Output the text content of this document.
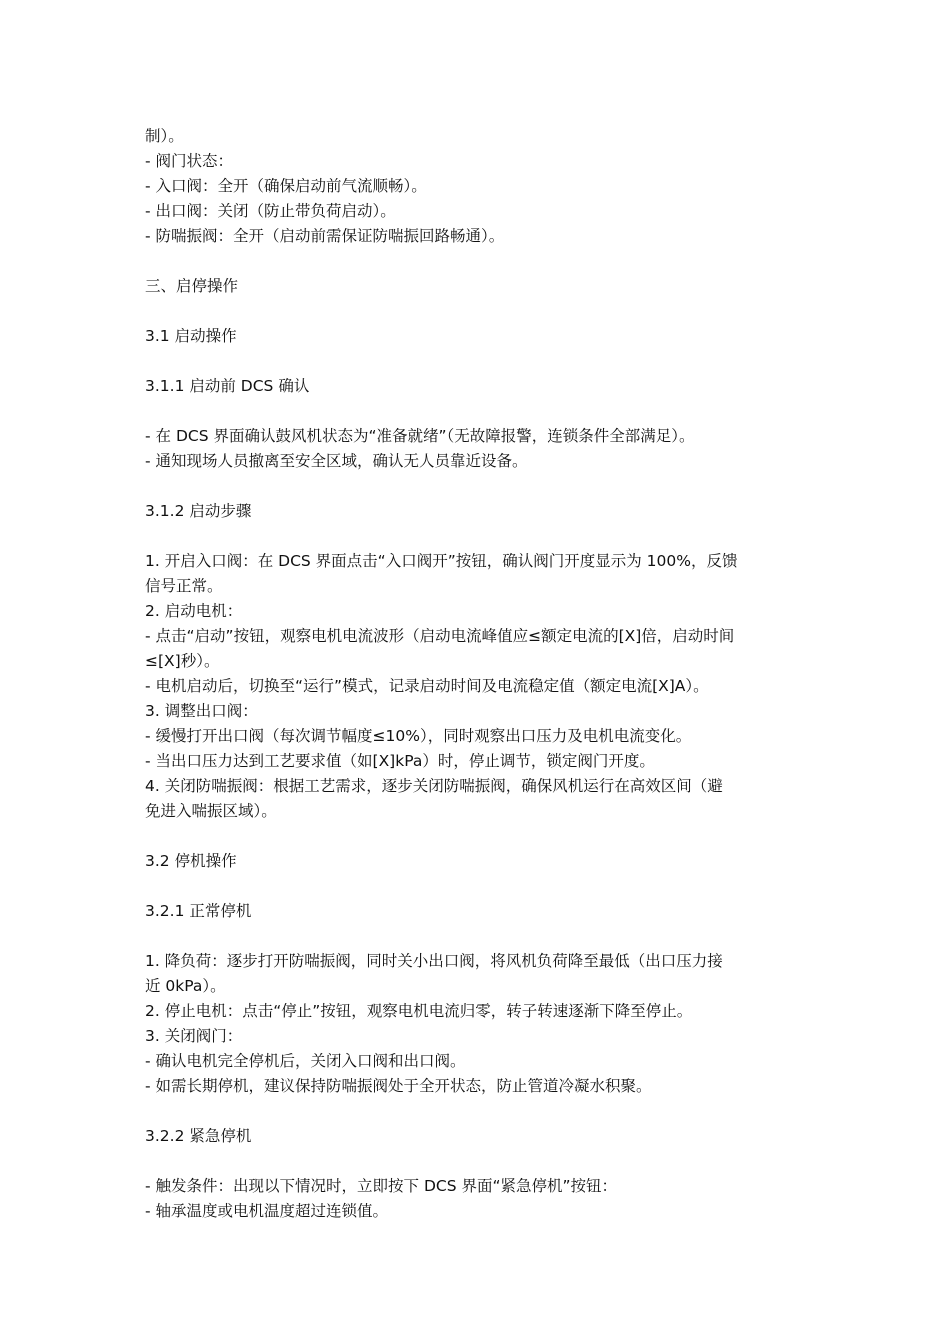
制）。
- 阀门状态：
- 入口阀：全开（确保启动前气流顺畅）。
- 出口阀：关闭（防止带负荷启动）。
- 防喘振阀：全开（启动前需保证防喘振回路畅通）。
三、启停操作
3.1 启动操作
3.1.1 启动前 DCS 确认
- 在 DCS 界面确认鼓风机状态为“准备就绪”（无故障报警，连锁条件全部满足）。
- 通知现场人员撤离至安全区域，确认无人员靠近设备。
3.1.2 启动步骤
1. 开启入口阀：在 DCS 界面点击“入口阀开”按钮，确认阀门开度显示为 100%，反馈
信号正常。
2. 启动电机：
- 点击“启动”按钮，观察电机电流波形（启动电流峰值应≤额定电流的[X]倍，启动时间
≤[X]秒）。
- 电机启动后，切换至“运行”模式，记录启动时间及电流稳定值（额定电流[X]A）。
3. 调整出口阀：
- 缓慢打开出口阀（每次调节幅度≤10%），同时观察出口压力及电机电流变化。
- 当出口压力达到工艺要求值（如[X]kPa）时，停止调节，锁定阀门开度。
4. 关闭防喘振阀：根据工艺需求，逐步关闭防喘振阀，确保风机运行在高效区间（避
免进入喘振区域）。
3.2 停机操作
3.2.1 正常停机
1. 降负荷：逐步打开防喘振阀，同时关小出口阀，将风机负荷降至最低（出口压力接
近 0kPa）。
2. 停止电机：点击“停止”按钮，观察电机电流归零，转子转速逐渐下降至停止。
3. 关闭阀门：
- 确认电机完全停机后，关闭入口阀和出口阀。
- 如需长期停机，建议保持防喘振阀处于全开状态，防止管道冷凝水积聚。
3.2.2 紧急停机
- 触发条件：出现以下情况时，立即按下 DCS 界面“紧急停机”按钮：
- 轴承温度或电机温度超过连锁值。
